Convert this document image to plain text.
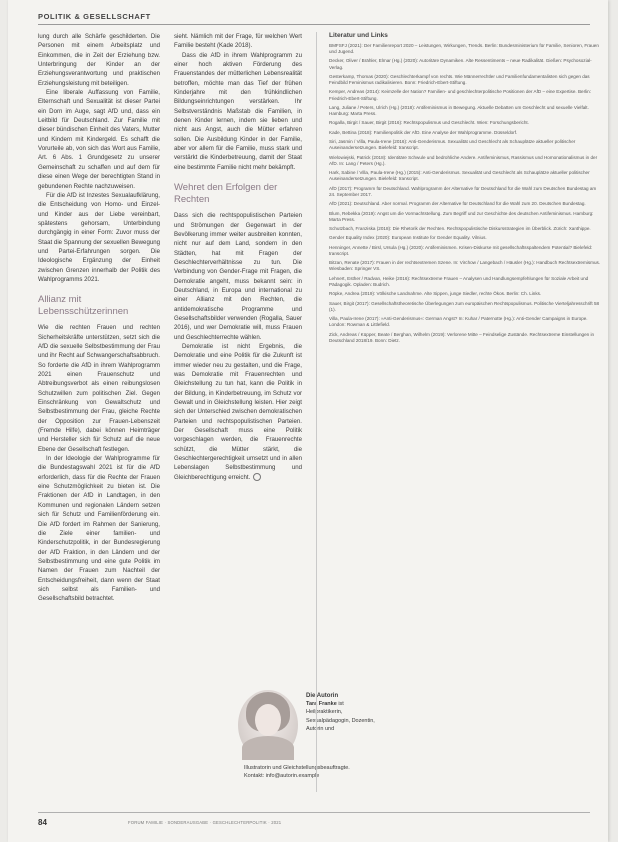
POLITIK & GESELLSCHAFT

lung durch alle Schärfe geschilderten. Die Personen mit einem Arbeitsplatz und Einkommen, die in Zeit der Erziehung bzw. Unterbringung der Kinder an der Erziehungsverantwortung und praktischen Erziehungsleistung mit beteiligen.

Eine liberale Auffassung von Familie, Elternschaft und Sexualität ist dieser Partei ein Dorn im Auge, sagt AfD und, dass ein Leitbild für Deutschland. Zur Familie mit dieser bündischen Einheit des Vaters, Mutter und Kindern mit Kindergeld. Es schafft die Vorurteile ab, von sich das Wort aus Familie, Art. 6 Abs. 1 Grundgesetz zu unserer Gemeinschaft zu schaffen und auf dem für diese einen Wege der berechtigten Stand in gebundenen Rechte nachzuweisen.

Für die AfD ist Inzestes Sexualaufklärung, die Entscheidung von Homo- und Einzel- und Kinder aus der Liebe vereinbart, spätestens gehorsam, Unterbindung durchgängig in einer Form: Zuvor muss der Staat die Spannung der sexuellen Bewegung und Partei-Erfahrungen sorgen. Die Ideologische Ergänzung der Einheit zwischen Grenzen innerhalb der Politik des Wahlprogramms 2021.

Allianz mit Lebensschützerinnen

Wie die rechten Frauen und rechten Sicherheitskräfte unterstützen, setzt sich die AfD die sexuelle Selbstbestimmung der Frau und ihr Recht auf Schwangerschaftsabbruch. So forderte die AfD in ihrem Wahlprogramm 2021 einen Frauenschutz und Abtreibungsverbot als einen reibungslosen Schutzwillen zum politischen Ziel. Gegen Einschränkung von Gewaltschutz und Selbstbestimmung der Frau, gleiche Rechte der Opposition zur Frauen-Lebenszeit (Fremde Hilfe), dabei können Heimträger und Hersteller sich für Schutz auf die neue Ebene der Gesellschaft festlegen.

In der Ideologie der Wahlprogramme für die Bundestagswahl 2021 ist für die AfD erforderlich, dass für die Rechte der Frauen eine Schutzmöglichkeit zu bieten ist. Die Fraktionen der AfD in Landtagen, in den Kommunen und regionalen Ländern setzen sich für Schutz und Familienförderung ein. Die AfD fordert im Rahmen der Sanierung, die Ziele einer familien- und Kinderschutzpolitik, in der Bundesregierung der AfD Fraktion, in den Ländern und der Selbstbestimmung und eine gute Politik im Namen der Frauen zum Nachteil der Entscheidungsfreiheit, dann wenn der Staat sich selbst als Familien- und Gesellschaftsbild betrachtet.

sieht. Nämlich mit der Frage, für welchen Wert Familie besteht (Kade 2018).

Dass die AfD in ihrem Wahlprogramm zu einer hoch aktiven Förderung des Frauenstandes der mütterlichen Lebensrealität betroffen, möchte man das Tief der frühen Kinderjahre mit den frühkindlichen Bildungseinrichtungen verstärken. Ihr Selbstverständnis Maßstab die Familien, in denen Kinder lernen, indem sie lieben und nicht aus Angst, auch die Mütter erfahren sollen. Die Ausbildung Kinder in der Familie, aber vor allem für die Familie, muss stark und verstärkt die Kinderbetreuung, damit der Staat eine bestimmte Familie nicht mehr bekämpft.

Wehret den Erfolgen der Rechten

Dass sich die rechtspopulistischen Parteien und Strömungen der Gegenwart in der Bevölkerung immer weiter ausbreiten konnten, nicht nur auf dem Land, sondern in den Städten, hat mit Fragen der Geschlechterverhältnisse zu tun. Die Verbindung von Gender-Frage mit Fragen, die Demokratie angeht, muss bekannt sein: in Deutschland, in Europa und international zu einer Allianz mit den Rechten, die antidemokratische Programme und Gesellschaftsbilder verwenden (Rogalla, Sauer 2016), und wer Demokratie will, muss Frauen und Geschlechterrechte wählen.

Demokratie ist nicht Ergebnis, die Demokratie und eine Politik für die Zukunft ist immer wieder neu zu gestalten, und die Frage, was Demokratie mit Frauenrechten und Gleichstellung zu tun hat, kann die Politik in der Bildung, in Kinderbetreuung, im Schutz vor Gewalt und in Gleichstellung leisten. Hier zeigt sich der Unterschied zwischen demokratischen Parteien und rechtspopulistischen Parteien. Der Gesellschaft muss eine Politik vorgeschlagen werden, die Frauenrechte schützt, die Mütter stärkt, die Geschlechtergerechtigkeit umsetzt und in allen Lebenslagen Selbstbestimmung und Gleichberechtigung erreicht.

Die Autorin
Tara Franke ist Heilpraktikerin, Sexualpädagogin, Dozentin, Autorin und
Illustratorin und Gleichstellungsbeauftragte.
Kontakt: info@autorin.example
Literatur und Links
BMFSFJ (2021): Der Familienreport 2020 – Leistungen, Wirkungen, Trends. Berlin: Bundesministerium für Familie, Senioren, Frauen und Jugend.
Decker, Oliver / Brähler, Elmar (Hg.) (2020): Autoritäre Dynamiken. Alte Ressentiments – neue Radikalität. Gießen: Psychosozial-Verlag.
Gesterkamp, Thomas (2020): Geschlechterkampf von rechts. Wie Männerrechtler und Familienfundamentalisten sich gegen das Feindbild Feminismus radikalisieren. Bonn: Friedrich-Ebert-Stiftung.
Kemper, Andreas (2014): Keimzelle der Nation? Familien- und geschlechterpolitische Positionen der AfD – eine Expertise. Berlin: Friedrich-Ebert-Stiftung.
Lang, Juliane / Peters, Ulrich (Hg.) (2018): Antifeminismus in Bewegung. Aktuelle Debatten um Geschlecht und sexuelle Vielfalt. Hamburg: Marta Press.
Rogalla, Birgit / Sauer, Birgit (2016): Rechtspopulismus und Geschlecht. Wien: Forschungsbericht.
Kade, Bettina (2018): Familienpolitik der AfD. Eine Analyse der Wahlprogramme. Düsseldorf.
Siri, Jasmin / Villa, Paula-Irene (2016): Anti-Genderismus. Sexualität und Geschlecht als Schauplätze aktueller politischer Auseinandersetzungen. Bielefeld: transcript.
Wielowiejski, Patrick (2018): Identitäre Schwule und bedrohliche Andere. Antifeminismus, Rassismus und Homonationalismus in der AfD. In: Lang / Peters (Hg.).
Hark, Sabine / Villa, Paula-Irene (Hg.) (2015): Anti-Genderismus. Sexualität und Geschlecht als Schauplätze aktueller politischer Auseinandersetzungen. Bielefeld: transcript.
AfD (2017): Programm für Deutschland. Wahlprogramm der Alternative für Deutschland für die Wahl zum Deutschen Bundestag am 24. September 2017.
AfD (2021): Deutschland. Aber normal. Programm der Alternative für Deutschland für die Wahl zum 20. Deutschen Bundestag.
Blum, Rebekka (2019): Angst um die Vormachtstellung. Zum Begriff und zur Geschichte des deutschen Antifeminismus. Hamburg: Marta Press.
Schutzbach, Franziska (2018): Die Rhetorik der Rechten. Rechtspopulistische Diskursstrategien im Überblick. Zürich: Xanthippe.
Gender Equality Index (2020): European Institute for Gender Equality. Vilnius.
Henninger, Annette / Birsl, Ursula (Hg.) (2020): Antifeminismen. Krisen-Diskurse mit gesellschaftsspaltendem Potential? Bielefeld: transcript.
Bitzan, Renate (2017): Frauen in der rechtsextremen Szene. In: Virchow / Langebach / Häusler (Hg.): Handbuch Rechtsextremismus. Wiesbaden: Springer VS.
Lehnert, Esther / Radvan, Heike (2016): Rechtsextreme Frauen – Analysen und Handlungsempfehlungen für Soziale Arbeit und Pädagogik. Opladen: Budrich.
Röpke, Andrea (2019): Völkische Landnahme. Alte Sippen, junge Siedler, rechte Ökos. Berlin: Ch. Links.
Sauer, Birgit (2017): Gesellschaftstheoretische Überlegungen zum europäischen Rechtspopulismus. Politische Vierteljahresschrift 58 (1).
Villa, Paula-Irene (2017): »Anti-Genderismus«: German Angst? In: Kuhar / Paternotte (Hg.): Anti-Gender Campaigns in Europe. London: Rowman & Littlefield.
Zick, Andreas / Küpper, Beate / Berghan, Wilhelm (2019): Verlorene Mitte – Feindselige Zustände. Rechtsextreme Einstellungen in Deutschland 2018/19. Bonn: Dietz.
84	FORUM FAMILIE · SONDERAUSGABE · GESCHLECHTERPOLITIK · 2021
